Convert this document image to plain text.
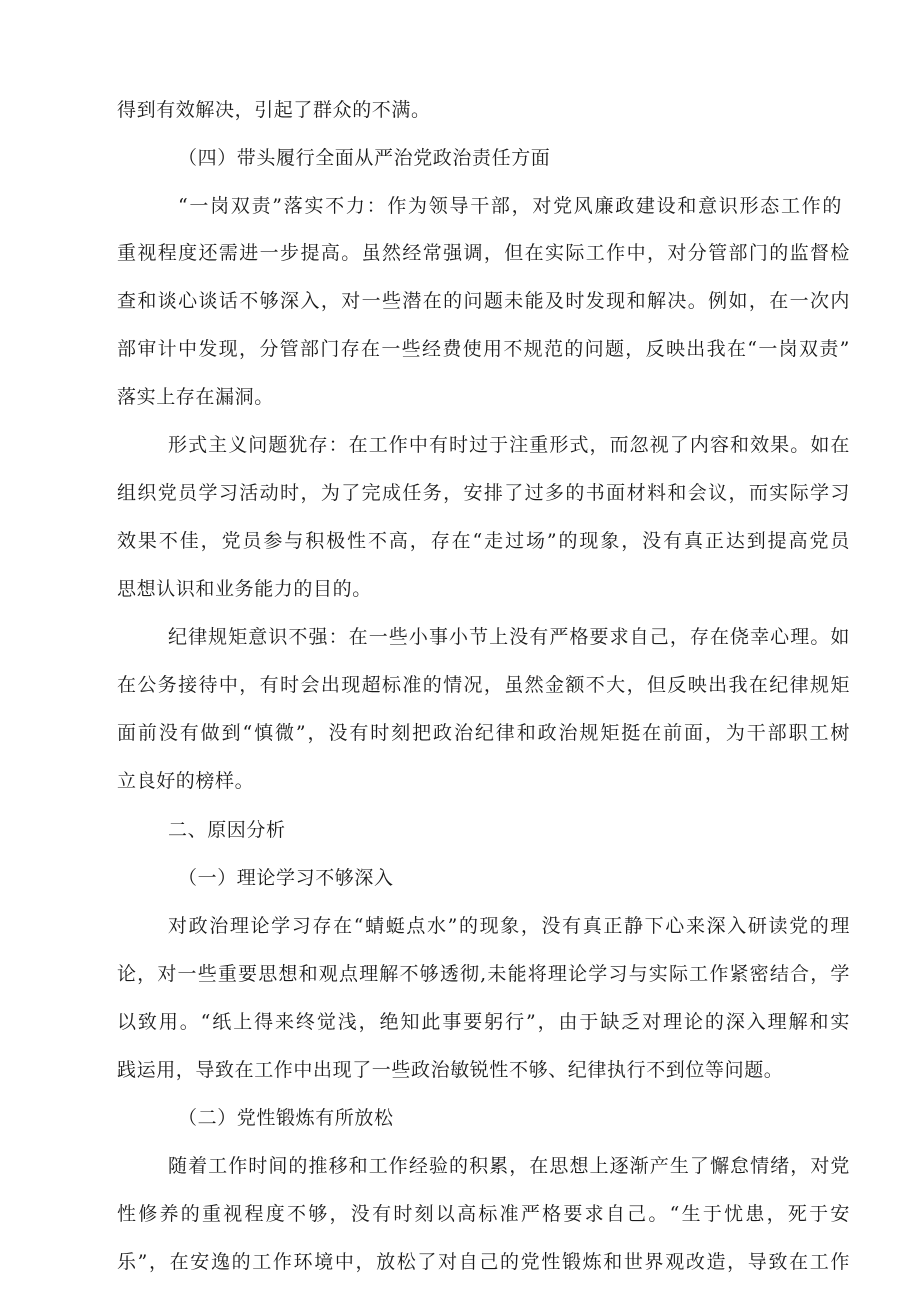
得到有效解决，引起了群众的不满。
（四）带头履行全面从严治党政治责任方面
“一岗双责”落实不力：作为领导干部，对党风廉政建设和意识形态工作的
重视程度还需进一步提高。虽然经常强调，但在实际工作中，对分管部门的监督检
查和谈心谈话不够深入，对一些潜在的问题未能及时发现和解决。例如，在一次内
部审计中发现，分管部门存在一些经费使用不规范的问题，反映出我在“一岗双责”
落实上存在漏洞。
形式主义问题犹存：在工作中有时过于注重形式，而忽视了内容和效果。如在
组织党员学习活动时，为了完成任务，安排了过多的书面材料和会议，而实际学习
效果不佳，党员参与积极性不高，存在“走过场”的现象，没有真正达到提高党员
思想认识和业务能力的目的。
纪律规矩意识不强：在一些小事小节上没有严格要求自己，存在侥幸心理。如
在公务接待中，有时会出现超标准的情况，虽然金额不大，但反映出我在纪律规矩
面前没有做到“慎微”，没有时刻把政治纪律和政治规矩挺在前面，为干部职工树
立良好的榜样。
二、原因分析
（一）理论学习不够深入
对政治理论学习存在“蜻蜓点水”的现象，没有真正静下心来深入研读党的理
论，对一些重要思想和观点理解不够透彻,未能将理论学习与实际工作紧密结合，学
以致用。“纸上得来终觉浅，绝知此事要躬行”，由于缺乏对理论的深入理解和实
践运用，导致在工作中出现了一些政治敏锐性不够、纪律执行不到位等问题。
（二）党性锻炼有所放松
随着工作时间的推移和工作经验的积累，在思想上逐渐产生了懈怠情绪，对党
性修养的重视程度不够，没有时刻以高标准严格要求自己。“生于忧患，死于安
乐”，在安逸的工作环境中，放松了对自己的党性锻炼和世界观改造，导致在工作
